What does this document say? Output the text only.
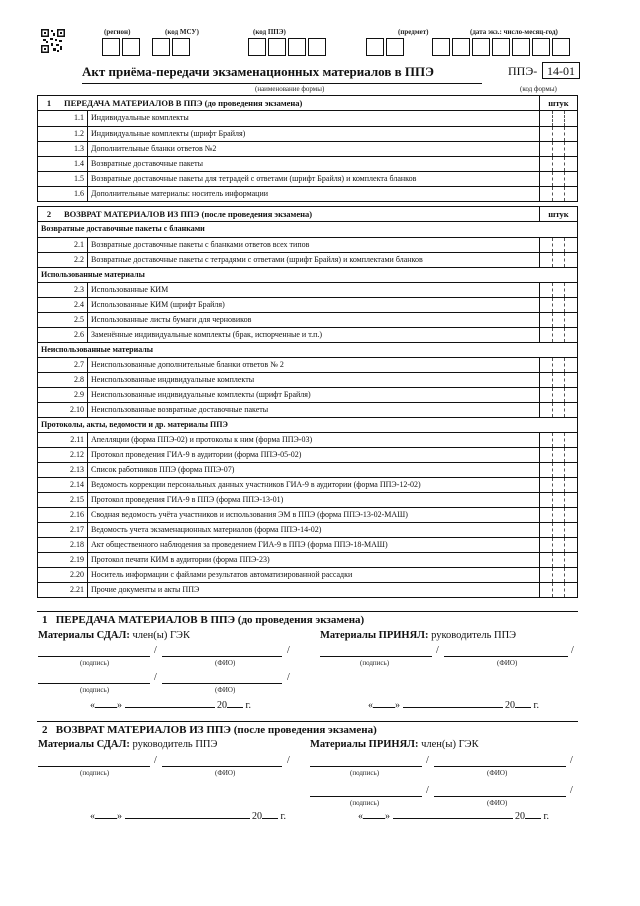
(регион)	(код МСУ)	(код ППЭ)	(предмет)	(дата экз.: число-месяц-год)
Акт приёма-передачи экзаменационных материалов в ППЭ	ППЭ- 14-01
(наименование формы)	(код формы)
1	ПЕРЕДАЧА МАТЕРИАЛОВ В ППЭ (до проведения экзамена)	штук
1.1 Индивидуальные комплекты
1.2 Индивидуальные комплекты (шрифт Брайля)
1.3 Дополнительные бланки ответов №2
1.4 Возвратные доставочные пакеты
1.5 Возвратные доставочные пакеты для тетрадей с ответами (шрифт Брайля) и комплекта бланков
1.6 Дополнительные материалы: носитель информации
2	ВОЗВРАТ МАТЕРИАЛОВ ИЗ ППЭ (после проведения экзамена)	штук
Возвратные доставочные пакеты с бланками
2.1 Возвратные доставочные пакеты с бланками ответов всех типов
2.2 Возвратные доставочные пакеты с тетрадями с ответами (шрифт Брайля) и комплектами бланков
Использованные материалы
2.3 Использованные КИМ
2.4 Использованные КИМ (шрифт Брайля)
2.5 Использованные листы бумаги для черновиков
2.6 Заменённые индивидуальные комплекты (брак, испорченные и т.п.)
Неиспользованные материалы
2.7 Неиспользованные дополнительные бланки ответов № 2
2.8 Неиспользованные индивидуальные комплекты
2.9 Неиспользованные индивидуальные комплекты (шрифт Брайля)
2.10 Неиспользованные возвратные доставочные пакеты
Протоколы, акты, ведомости и др. материалы ППЭ
2.11 Апелляции (форма ППЭ-02) и протоколы к ним (форма ППЭ-03)
2.12 Протокол проведения ГИА-9 в аудитории (форма ППЭ-05-02)
2.13 Список работников ППЭ (форма ППЭ-07)
2.14 Ведомость коррекции персональных данных участников ГИА-9 в аудитории (форма ППЭ-12-02)
2.15 Протокол проведения ГИА-9 в ППЭ (форма ППЭ-13-01)
2.16 Сводная ведомость учёта участников и использования ЭМ в ППЭ (форма ППЭ-13-02-МАШ)
2.17 Ведомость учета экзаменационных материалов (форма ППЭ-14-02)
2.18 Акт общественного наблюдения за проведением ГИА-9 в ППЭ (форма ППЭ-18-МАШ)
2.19 Протокол печати КИМ в аудитории (форма ППЭ-23)
2.20 Носитель информации с файлами результатов автоматизированной рассадки
2.21 Прочие документы и акты ППЭ
1 ПЕРЕДАЧА МАТЕРИАЛОВ В ППЭ (до проведения экзамена)
Материалы СДАЛ: член(ы) ГЭК	Материалы ПРИНЯЛ: руководитель ППЭ
/	/
(подпись)	(ФИО)
/	/
(подпись)	(ФИО)
/	/
(подпись)	(ФИО)
« »	20 г.	« »	20 г.
2 ВОЗВРАТ МАТЕРИАЛОВ ИЗ ППЭ (после проведения экзамена)
Материалы СДАЛ: руководитель ППЭ	Материалы ПРИНЯЛ: член(ы) ГЭК
/	/
(подпись)	(ФИО)
/	/
(подпись)	(ФИО)
/	/
(подпись)	(ФИО)
« »	20 г.	« »	20 г.
